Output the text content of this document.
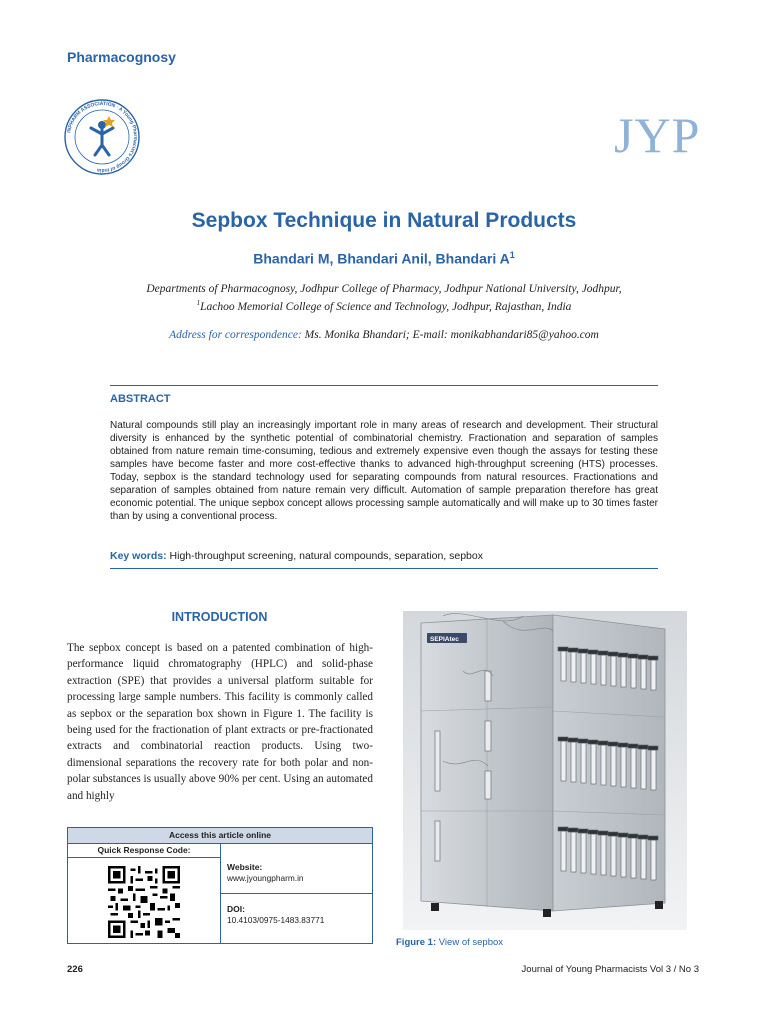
Pharmacognosy
INPHARM ASSOCIATION · A Young Pharmacist's Group of India
JYP
Sepbox Technique in Natural Products
Bhandari M, Bhandari Anil, Bhandari $A^1$
Departments of Pharmacognosy, Jodhpur College of Pharmacy, Jodhpur National University, Jodhpur,
$^1$Lachoo Memorial College of Science and Technology, Jodhpur, Rajasthan, India
Address for correspondence: Ms. Monika Bhandari; E-mail: monikabhandari85@yahoo.com
ABSTRACT
Natural compounds still play an increasingly important role in many areas of research and development. Their structural diversity is enhanced by the synthetic potential of combinatorial chemistry. Fractionation and separation of samples obtained from nature remain time-consuming, tedious and extremely expensive even though the assays for testing these samples have become faster and more cost-effective thanks to advanced high-throughput screening (HTS) processes. Today, sepbox is the standard technology used for separating compounds from natural resources. Fractionations and separation of samples obtained from nature remain very difficult. Automation of sample preparation therefore has great economic potential. The unique sepbox concept allows processing sample automatically and will make up to 30 times faster than by using a conventional process.
Key words: High-throughput screening, natural compounds, separation, sepbox
INTRODUCTION
The sepbox concept is based on a patented combination of high-performance liquid chromatography (HPLC) and solid-phase extraction (SPE) that provides a universal platform suitable for processing large sample numbers. This facility is commonly called as sepbox or the separation box shown in Figure 1. The facility is being used for the fractionation of plant extracts or pre-fractionated extracts and combinatorial reaction products. Using two-dimensional separations the recovery rate for both polar and non-polar substances is usually above 90% per cent. Using an automated and highly
Access this article online
Quick Response Code:
Website:
www.jyoungpharm.in
DOI:
10.4103/0975-1483.83771
SEPIAtec
Figure 1: View of sepbox
226	Journal of Young Pharmacists Vol 3 / No 3
